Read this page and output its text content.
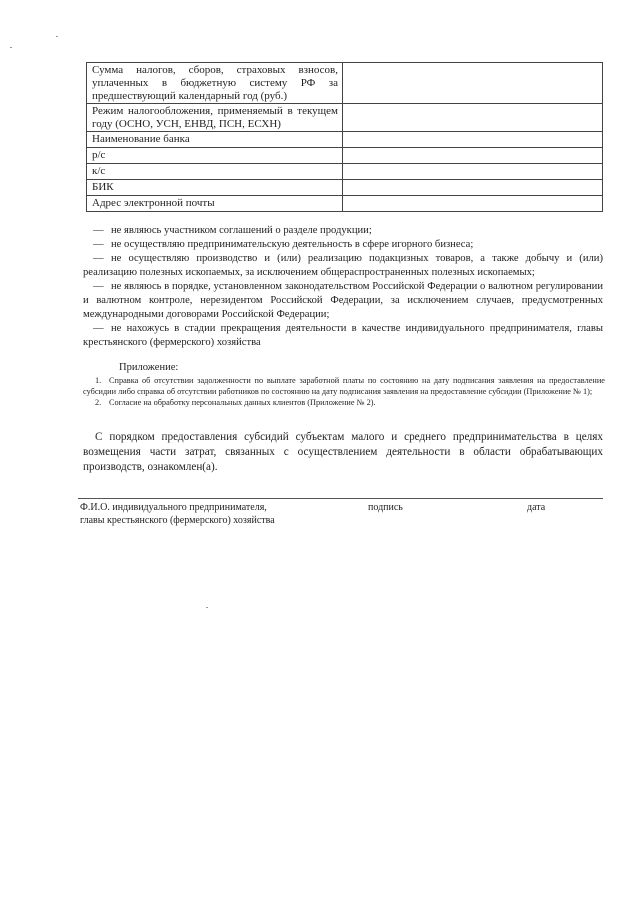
Сумма налогов, сборов, страховых взносов, уплаченных в бюджетную систему РФ за предшествующий календарный год (руб.)	
Режим налогообложения, применяемый в текущем году (ОСНО, УСН, ЕНВД, ПСН, ЕСХН)	
Наименование банка	
р/с	
к/с	
БИК	
Адрес электронной почты	

— не являюсь участником соглашений о разделе продукции;

— не осуществляю предпринимательскую деятельность в сфере игорного бизнеса;

— не осуществляю производство и (или) реализацию подакцизных товаров, а также добычу и (или) реализацию полезных ископаемых, за исключением общераспространенных полезных ископаемых;

— не являюсь в порядке, установленном законодательством Российской Федерации о валютном регулировании и валютном контроле, нерезидентом Российской Федерации, за исключением случаев, предусмотренных международными договорами Российской Федерации;

— не нахожусь в стадии прекращения деятельности в качестве индивидуального предпринимателя, главы крестьянского (фермерского) хозяйства

Приложение:

1. Справка об отсутствии задолженности по выплате заработной платы по состоянию на дату подписания заявления на предоставление субсидии либо справка об отсутствии работников по состоянию на дату подписания заявления на предоставление субсидии (Приложение № 1);

2. Согласие на обработку персональных данных клиентов (Приложение № 2).

С порядком предоставления субсидий субъектам малого и среднего предпринимательства в целях возмещения части затрат, связанных с осуществлением деятельности в области обрабатывающих производств, ознакомлен(а).

Ф.И.О. индивидуального предпринимателя,
главы крестьянского (фермерского) хозяйства

подпись	дата
